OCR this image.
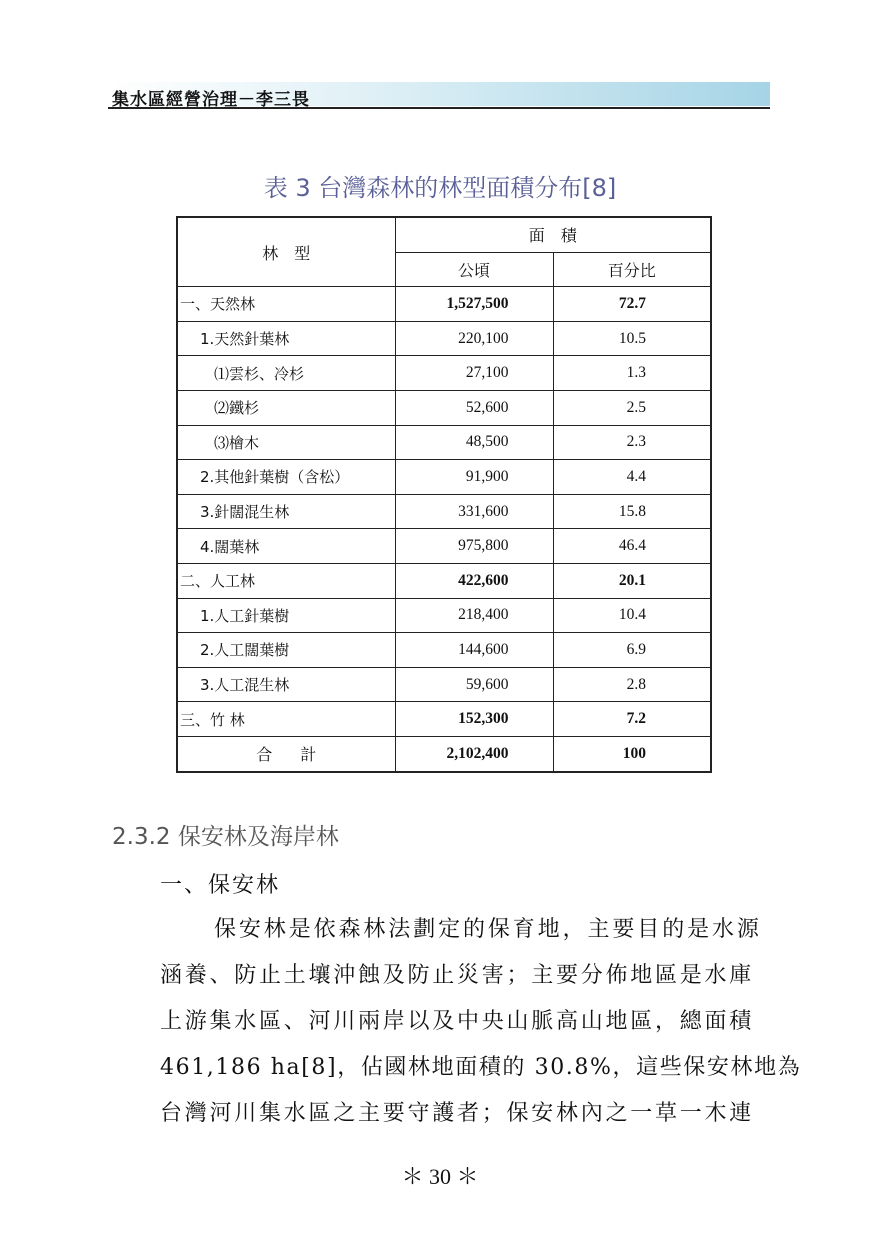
集水區經營治理－李三畏
表 3 台灣森林的林型面積分布[8]
林　型	面　積	
	公頃	百分比
一、天然林	1,527,500	72.7
1.天然針葉林	220,100	10.5
⑴雲杉、冷杉	27,100	1.3
⑵鐵杉	52,600	2.5
⑶檜木	48,500	2.3
2.其他針葉樹（含松）	91,900	4.4
3.針闊混生林	331,600	15.8
4.闊葉林	975,800	46.4
二、人工林	422,600	20.1
1.人工針葉樹	218,400	10.4
2.人工闊葉樹	144,600	6.9
3.人工混生林	59,600	2.8
三、竹 林	152,300	7.2
合計	2,102,400	100
2.3.2 保安林及海岸林
一、保安林
保安林是依森林法劃定的保育地，主要目的是水源
涵養、防止土壤沖蝕及防止災害；主要分佈地區是水庫
上游集水區、河川兩岸以及中央山脈高山地區，總面積
461,186 ha[8]，佔國林地面積的 30.8%，這些保安林地為
台灣河川集水區之主要守護者；保安林內之一草一木連
＊ 30 ＊
